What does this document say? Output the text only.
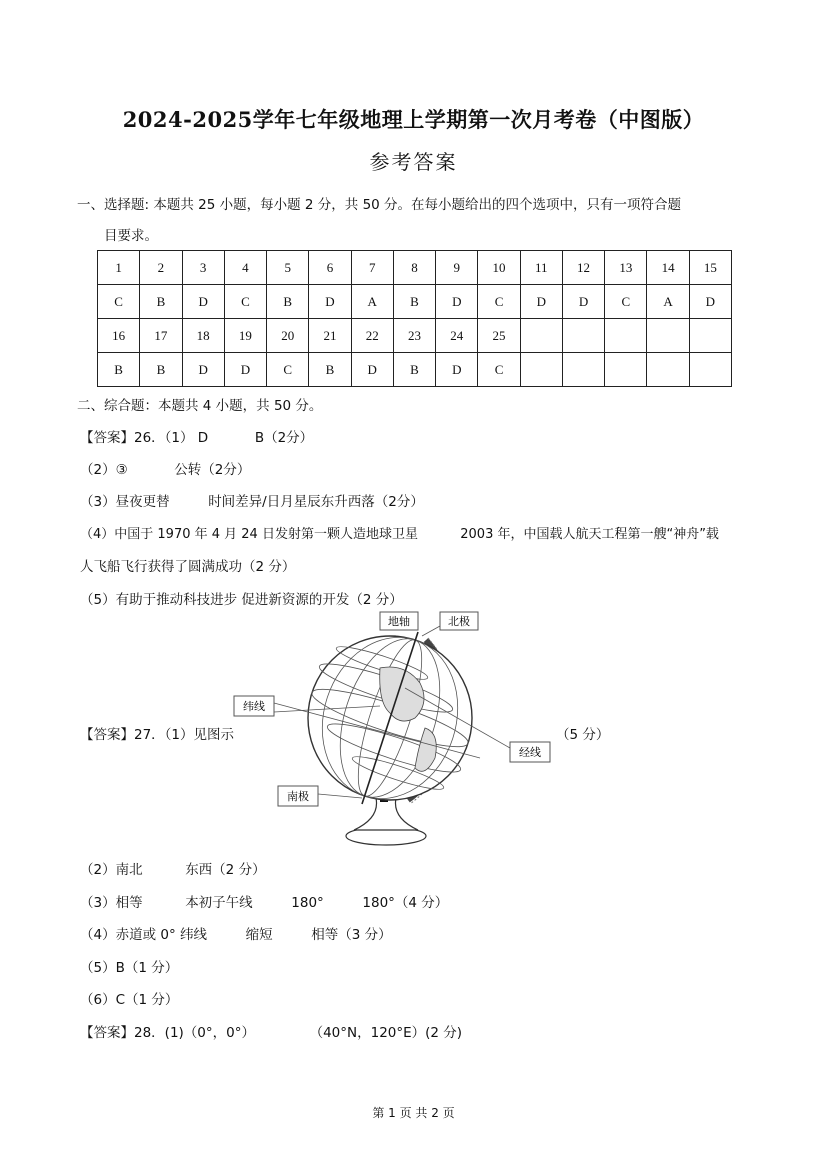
2024-2025学年七年级地理上学期第一次月考卷（中图版）
参考答案
一、选择题: 本题共 25 小题，每小题 2 分，共 50 分。在每小题给出的四个选项中，只有一项符合题
目要求。
1	2	3	4	5	6	7	8	9	10	11	12	13	14	15
C	B	D	C	B	D	A	B	D	C	D	D	C	A	D
16	17	18	19	20	21	22	23	24	25					
B	B	D	D	C	B	D	B	D	C					
二、综合题：本题共 4 小题，共 50 分。
【答案】26．（1） D	B（2分）
（2）③	公转（2分）
（3）昼夜更替	时间差异/日月星辰东升西落（2分）
（4）中国于 1970 年 4 月 24 日发射第一颗人造地球卫星	2003 年，中国载人航天工程第一艘“神舟”载
人飞船飞行获得了圆满成功（2 分）
（5）有助于推动科技进步 促进新资源的开发（2 分）
地轴	北极
纬线
经线
南极
【答案】27．（1）见图示	（5 分）
（2）南北	东西（2 分）
（3）相等	本初子午线	180°	180°（4 分）
（4）赤道或 0° 纬线	缩短	相等（3 分）
（5）B（1 分）
（6）C（1 分）
【答案】28．(1)（0°，0°）	（40°N，120°E）(2 分)
第 1 页 共 2 页
